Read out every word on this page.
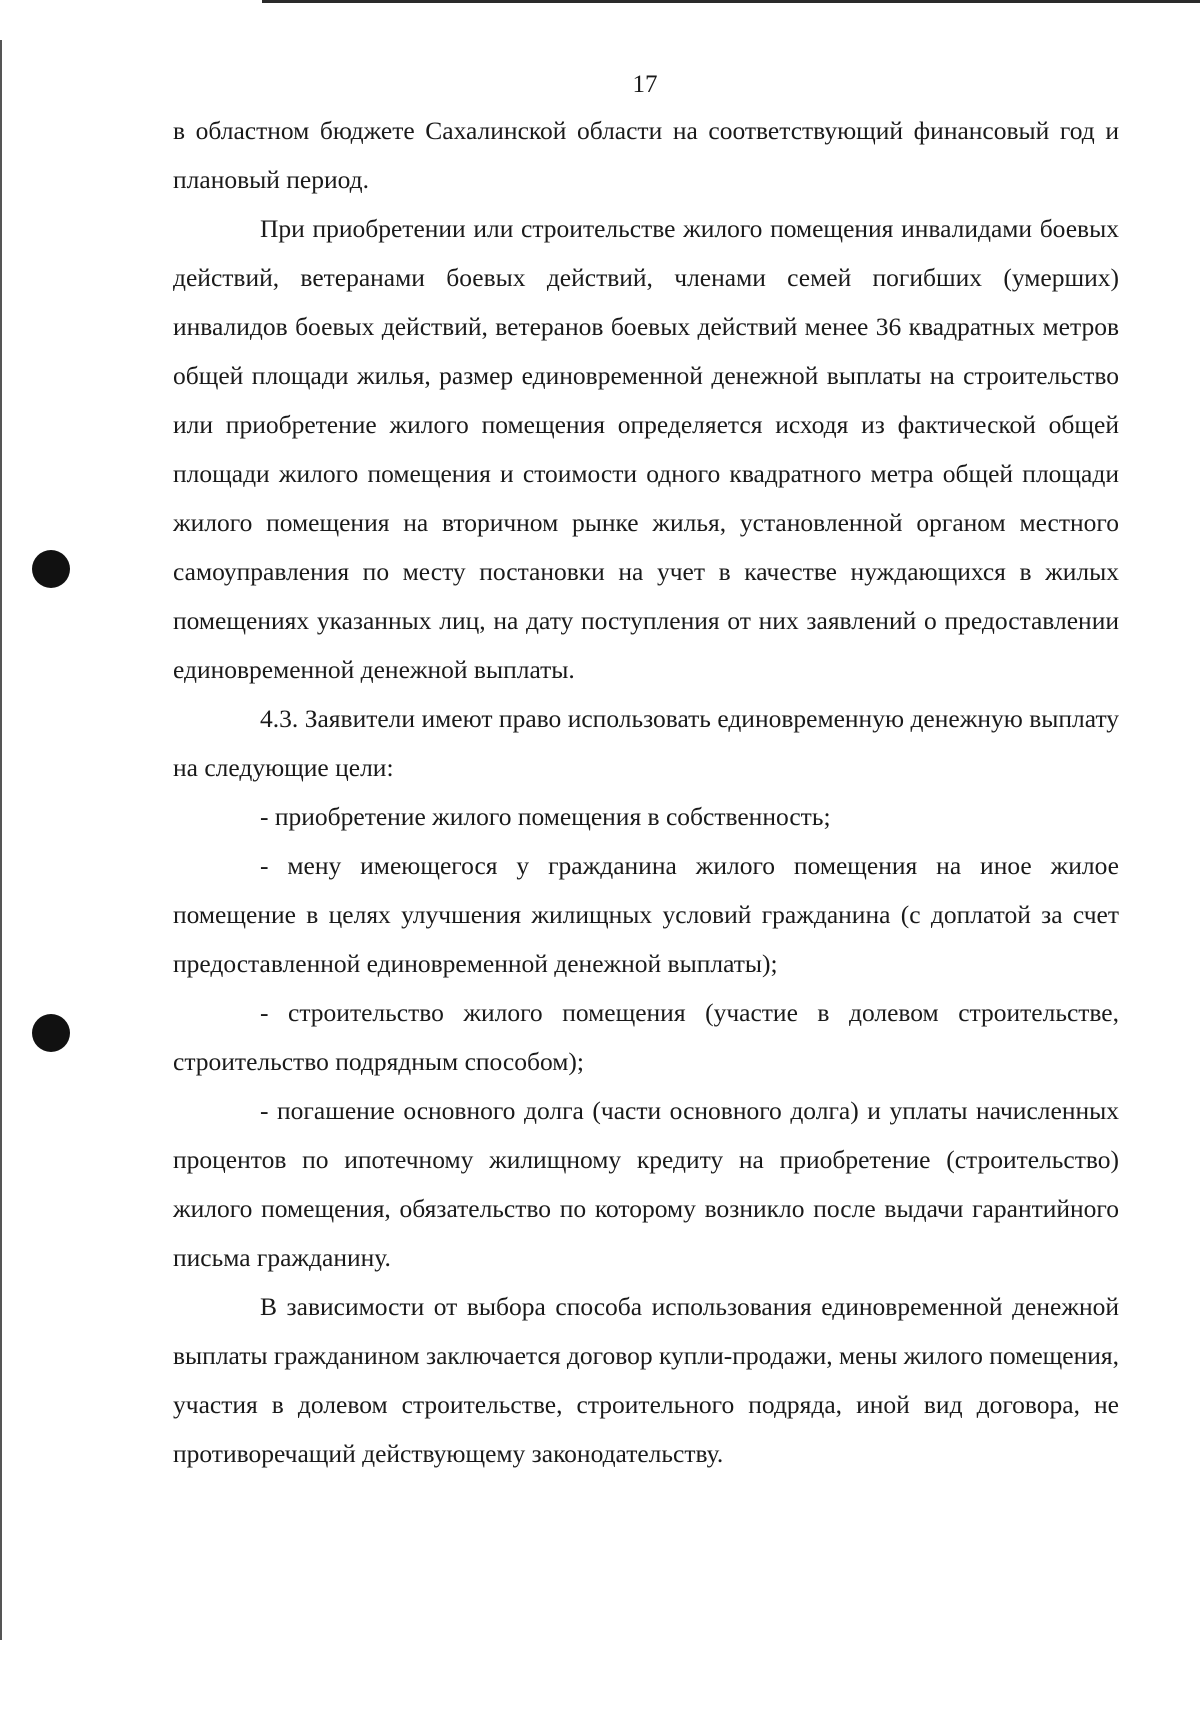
17

в областном бюджете Сахалинской области на соответствующий финансовый год и плановый период.

При приобретении или строительстве жилого помещения инвалидами боевых действий, ветеранами боевых действий, членами семей погибших (умерших) инвалидов боевых действий, ветеранов боевых действий менее 36 квадратных метров общей площади жилья, размер единовременной денежной выплаты на строительство или приобретение жилого помещения определяется исходя из фактической общей площади жилого помещения и стоимости одного квадратного метра общей площади жилого помещения на вторичном рынке жилья, установленной органом местного самоуправления по месту постановки на учет в качестве нуждающихся в жилых помещениях указанных лиц, на дату поступления от них заявлений о предоставлении единовременной денежной выплаты.

4.3. Заявители имеют право использовать единовременную денежную выплату на следующие цели:

- приобретение жилого помещения в собственность;

- мену имеющегося у гражданина жилого помещения на иное жилое помещение в целях улучшения жилищных условий гражданина (с доплатой за счет предоставленной единовременной денежной выплаты);

- строительство жилого помещения (участие в долевом строительстве, строительство подрядным способом);

- погашение основного долга (части основного долга) и уплаты начисленных процентов по ипотечному жилищному кредиту на приобретение (строительство) жилого помещения, обязательство по которому возникло после выдачи гарантийного письма гражданину.

В зависимости от выбора способа использования единовременной денежной выплаты гражданином заключается договор купли-продажи, мены жилого помещения, участия в долевом строительстве, строительного подряда, иной вид договора, не противоречащий действующему законодательству.
